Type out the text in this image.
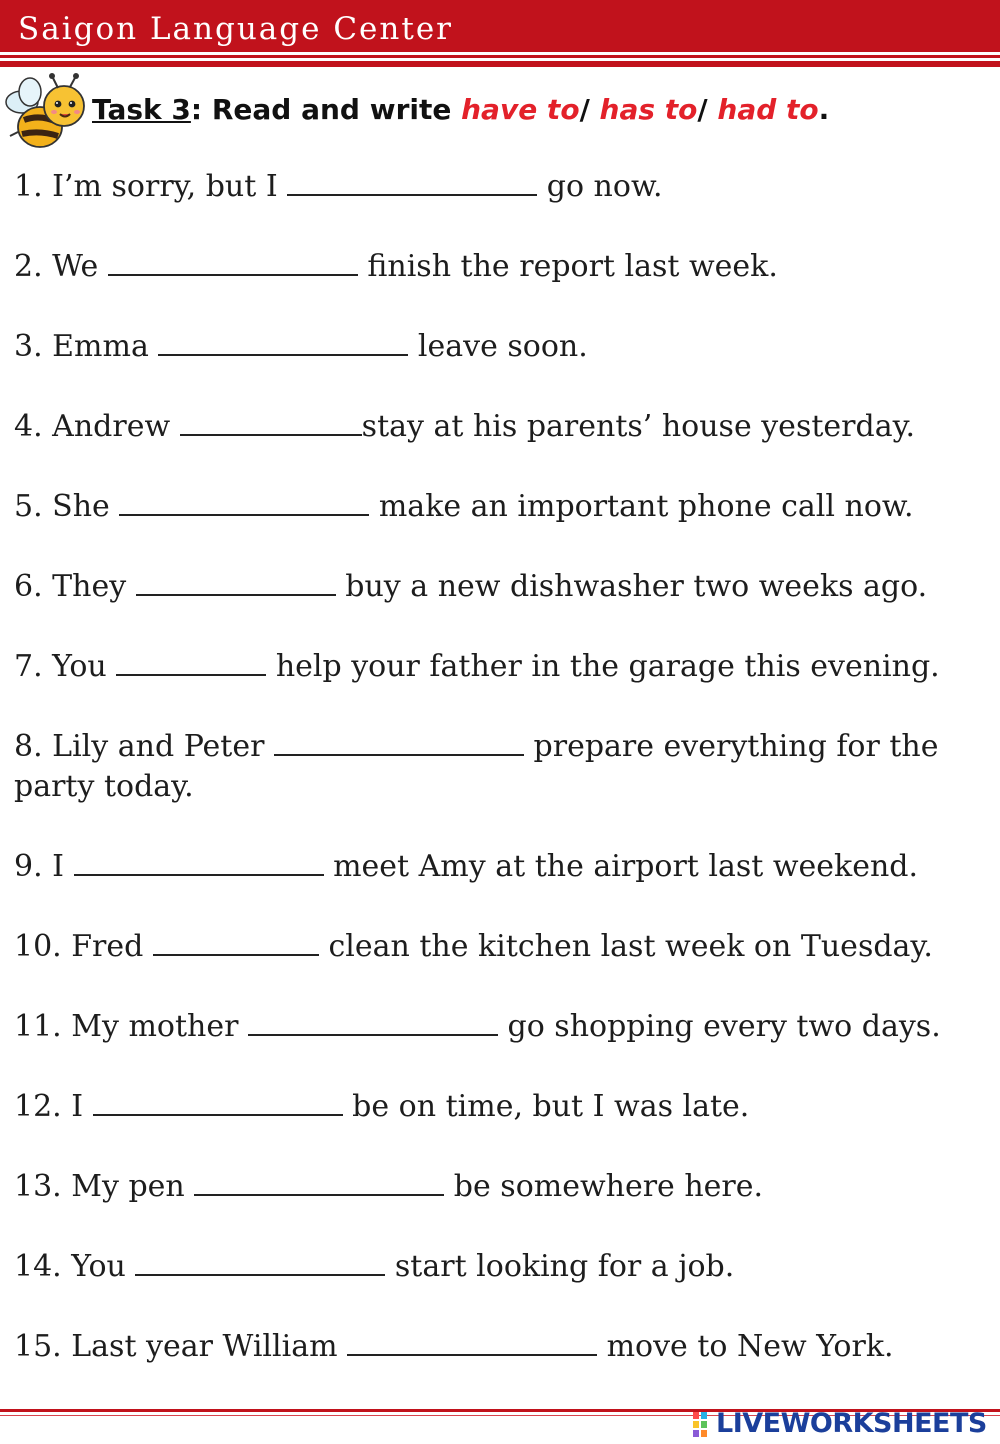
Saigon Language Center
Task 3: Read and write have to/ has to/ had to.
1. I’m sorry, but I	go now.
2. We	finish the report last week.
3. Emma	leave soon.
4. Andrew	stay at his parents’ house yesterday.
5. She	make an important phone call now.
6. They	buy a new dishwasher two weeks ago.
7. You	help your father in the garage this evening.
8. Lily and Peter	prepare everything for the
party today.
9. I	meet Amy at the airport last weekend.
10. Fred	clean the kitchen last week on Tuesday.
11. My mother	go shopping every two days.
12. I	be on time, but I was late.
13. My pen	be somewhere here.
14. You	start looking for a job.
15. Last year William	move to New York.
LIVEWORKSHEETS
